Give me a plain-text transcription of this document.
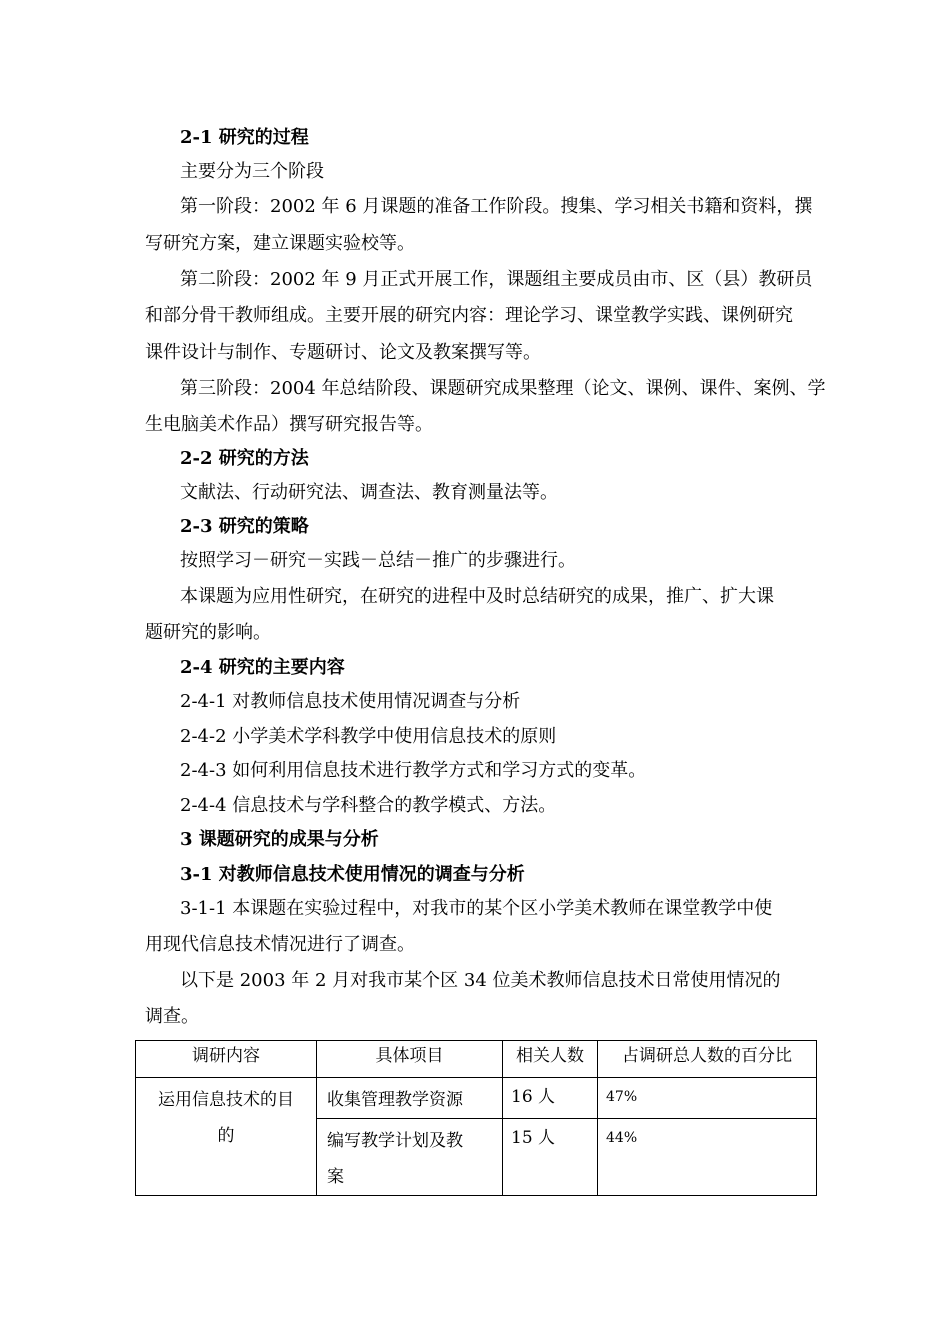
2-1 研究的过程
主要分为三个阶段
第一阶段：2002 年 6 月课题的准备工作阶段。搜集、学习相关书籍和资料，撰
写研究方案，建立课题实验校等。
第二阶段：2002 年 9 月正式开展工作，课题组主要成员由市、区（县）教研员
和部分骨干教师组成。主要开展的研究内容：理论学习、课堂教学实践、课例研究
课件设计与制作、专题研讨、论文及教案撰写等。
第三阶段：2004 年总结阶段、课题研究成果整理（论文、课例、课件、案例、学
生电脑美术作品）撰写研究报告等。
2-2 研究的方法
文献法、行动研究法、调查法、教育测量法等。
2-3 研究的策略
按照学习－研究－实践－总结－推广的步骤进行。
本课题为应用性研究，在研究的进程中及时总结研究的成果，推广、扩大课
题研究的影响。
2-4 研究的主要内容
2-4-1 对教师信息技术使用情况调查与分析
2-4-2 小学美术学科教学中使用信息技术的原则
2-4-3 如何利用信息技术进行教学方式和学习方式的变革。
2-4-4 信息技术与学科整合的教学模式、方法。
3 课题研究的成果与分析
3-1 对教师信息技术使用情况的调查与分析
3-1-1 本课题在实验过程中，对我市的某个区小学美术教师在课堂教学中使
用现代信息技术情况进行了调查。
以下是 2003 年 2 月对我市某个区 34 位美术教师信息技术日常使用情况的
调查。
调研内容	具体项目	相关人数	占调研总人数的百分比

运用信息技术的目
的	收集管理教学资源	16 人	47%

	编写教学计划及教
案	15 人	44%
